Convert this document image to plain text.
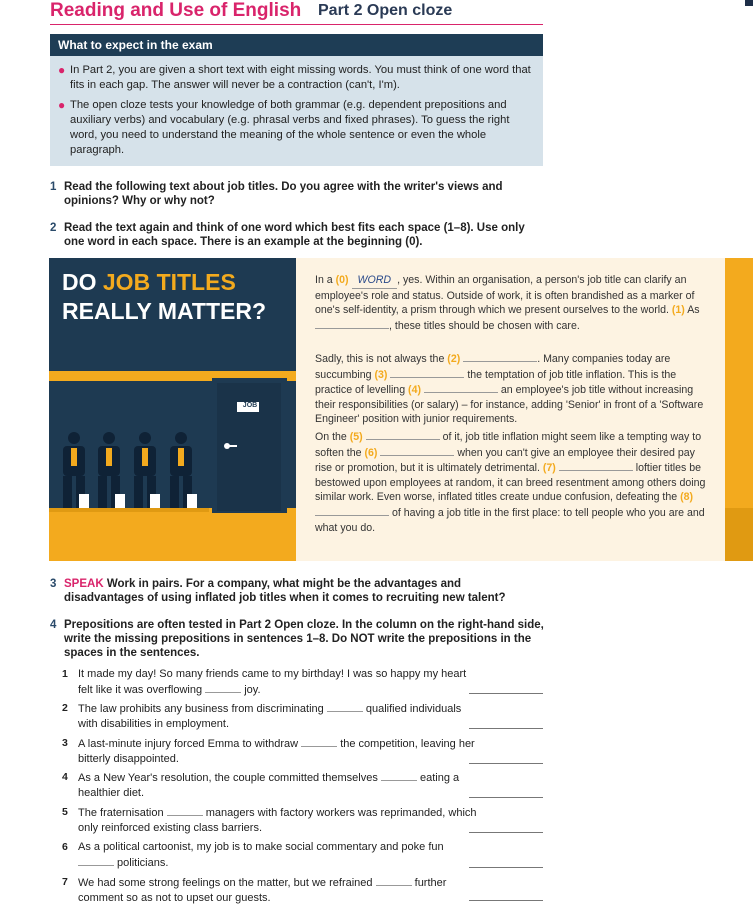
Reading and Use of English Part 2 Open cloze
What to expect in the exam
● In Part 2, you are given a short text with eight missing words. You must think of one word that fits in each gap. The answer will never be a contraction (can't, I'm).
● The open cloze tests your knowledge of both grammar (e.g. dependent prepositions and auxiliary verbs) and vocabulary (e.g. phrasal verbs and fixed phrases). To guess the right word, you need to understand the meaning of the whole sentence or even the whole paragraph.
1 Read the following text about job titles. Do you agree with the writer's views and opinions? Why or why not?
2 Read the text again and think of one word which best fits each space (1–8). Use only one word in each space. There is an example at the beginning (0).
JOB
DO JOB TITLES
REALLY MATTER?
In a (0) WORD , yes. Within an organisation, a person's job title can clarify an employee's role and status. Outside of work, it is often brandished as a marker of one's self-identity, a prism through which we present ourselves to the world. (1) As , these titles should be chosen with care.
Sadly, this is not always the (2)	. Many companies today are succumbing (3)	the temptation of job title inflation. This is the practice of levelling (4)	an employee's job title without increasing their responsibilities (or salary) – for instance, adding 'Senior' in front of a 'Software Engineer' position with junior requirements.
On the (5)	of it, job title inflation might seem like a tempting way to soften the (6)	when you can't give an employee their desired pay rise or promotion, but it is ultimately detrimental. (7)	loftier titles be bestowed upon employees at random, it can breed resentment among others doing similar work. Even worse, inflated titles create undue confusion, defeating the (8)  of having a job title in the first place: to tell people who you are and what you do.
3 SPEAK Work in pairs. For a company, what might be the advantages and disadvantages of using inflated job titles when it comes to recruiting new talent?
4 Prepositions are often tested in Part 2 Open cloze. In the column on the right-hand side, write the missing prepositions in sentences 1–8. Do NOT write the prepositions in the spaces in the sentences.
1 It made my day! So many friends came to my birthday! I was so happy my heart felt like it was overflowing	joy.
2 The law prohibits any business from discriminating	qualified individuals with disabilities in employment.
3 A last-minute injury forced Emma to withdraw	the competition, leaving her bitterly disappointed.
4 As a New Year's resolution, the couple committed themselves	eating a healthier diet.
5 The fraternisation	managers with factory workers was reprimanded, which only reinforced existing class barriers.
6 As a political cartoonist, my job is to make social commentary and poke fun  politicians.
7 We had some strong feelings on the matter, but we refrained	further comment so as not to upset our guests.
